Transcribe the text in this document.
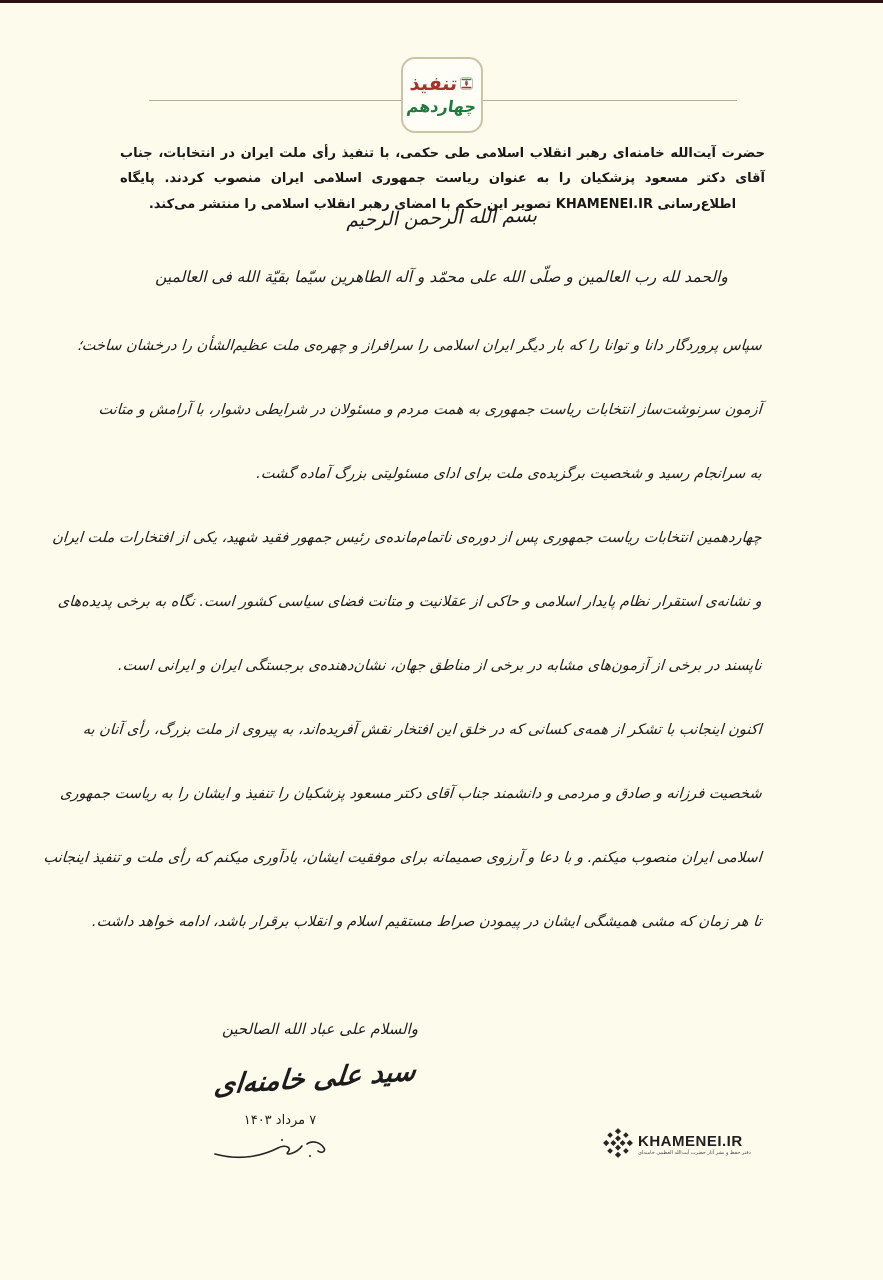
تنفیذ
چهاردهم

حضرت آیت‌الله خامنه‌ای رهبر انقلاب اسلامی طی حکمی، با تنفیذ رأی ملت ایران در انتخابات، جناب آقای دکتر مسعود پزشکیان را به عنوان ریاست جمهوری اسلامی ایران منصوب کردند. پایگاه اطلاع‌رسانی KHAMENEI.IR تصویر این حکم با امضای رهبر انقلاب اسلامی را منتشر می‌کند.

بسم الله الرحمن الرحیم
والحمد لله رب العالمین و صلّی الله علی محمّد و آله الطاهرین سیّما بقیّة الله فی العالمین
سپاس پروردگار دانا و توانا را که بار دیگر ایران اسلامی را سرافراز و چهره‌ی ملت عظیم‌الشأن را درخشان ساخت؛
آزمون سرنوشت‌ساز انتخابات ریاست جمهوری به همت مردم و مسئولان در شرایطی دشوار، با آرامش و متانت
به سرانجام رسید و شخصیت برگزیده‌ی ملت برای ادای مسئولیتی بزرگ آماده گشت.
چهاردهمین انتخابات ریاست جمهوری پس از دوره‌ی ناتمام‌مانده‌ی رئیس جمهور فقید شهید، یکی از افتخارات ملت ایران
و نشانه‌ی استقرار نظام پایدار اسلامی و حاکی از عقلانیت و متانت فضای سیاسی کشور است. نگاه به برخی پدیده‌های
ناپسند در برخی از آزمون‌های مشابه در برخی از مناطق جهان، نشان‌دهنده‌ی برجستگی ایران و ایرانی است.
اکنون اینجانب با تشکر از همه‌ی کسانی که در خلق این افتخار نقش آفریده‌اند، به پیروی از ملت بزرگ، رأی آنان به
شخصیت فرزانه و صادق و مردمی و دانشمند جناب آقای دکتر مسعود پزشکیان را تنفیذ و ایشان را به ریاست جمهوری
اسلامی ایران منصوب میکنم. و با دعا و آرزوی صمیمانه برای موفقیت ایشان، یادآوری میکنم که رأی ملت و تنفیذ اینجانب
تا هر زمان که مشی همیشگی ایشان در پیمودن صراط مستقیم اسلام و انقلاب برقرار باشد، ادامه خواهد داشت.
والسلام علی عباد الله الصالحین
سید علی خامنه‌ای
۷ مرداد ۱۴۰۳
KHAMENEI.IR
دفتر حفظ و نشر آثار حضرت آیت‌الله العظمی خامنه‌ای
